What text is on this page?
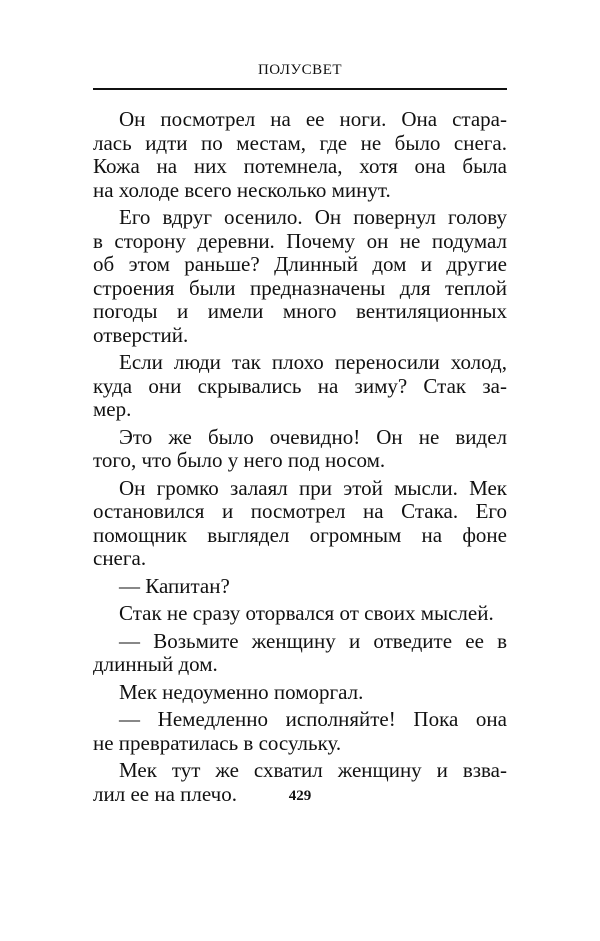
ПОЛУСВЕТ
Он посмотрел на ее ноги. Она стара-
лась идти по местам, где не было снега.
Кожа на них потемнела, хотя она была
на холоде всего несколько минут.
Его вдруг осенило. Он повернул голову
в сторону деревни. Почему он не подумал
об этом раньше? Длинный дом и другие
строения были предназначены для теплой
погоды и имели много вентиляционных
отверстий.
Если люди так плохо переносили холод,
куда они скрывались на зиму? Стак за-
мер.
Это же было очевидно! Он не видел
того, что было у него под носом.
Он громко залаял при этой мысли. Мек
остановился и посмотрел на Стака. Его
помощник выглядел огромным на фоне
снега.
— Капитан?
Стак не сразу оторвался от своих мыслей.
— Возьмите женщину и отведите ее в
длинный дом.
Мек недоуменно поморгал.
— Немедленно исполняйте! Пока она
не превратилась в сосульку.
Мек тут же схватил женщину и взва-
лил ее на плечо.	429
